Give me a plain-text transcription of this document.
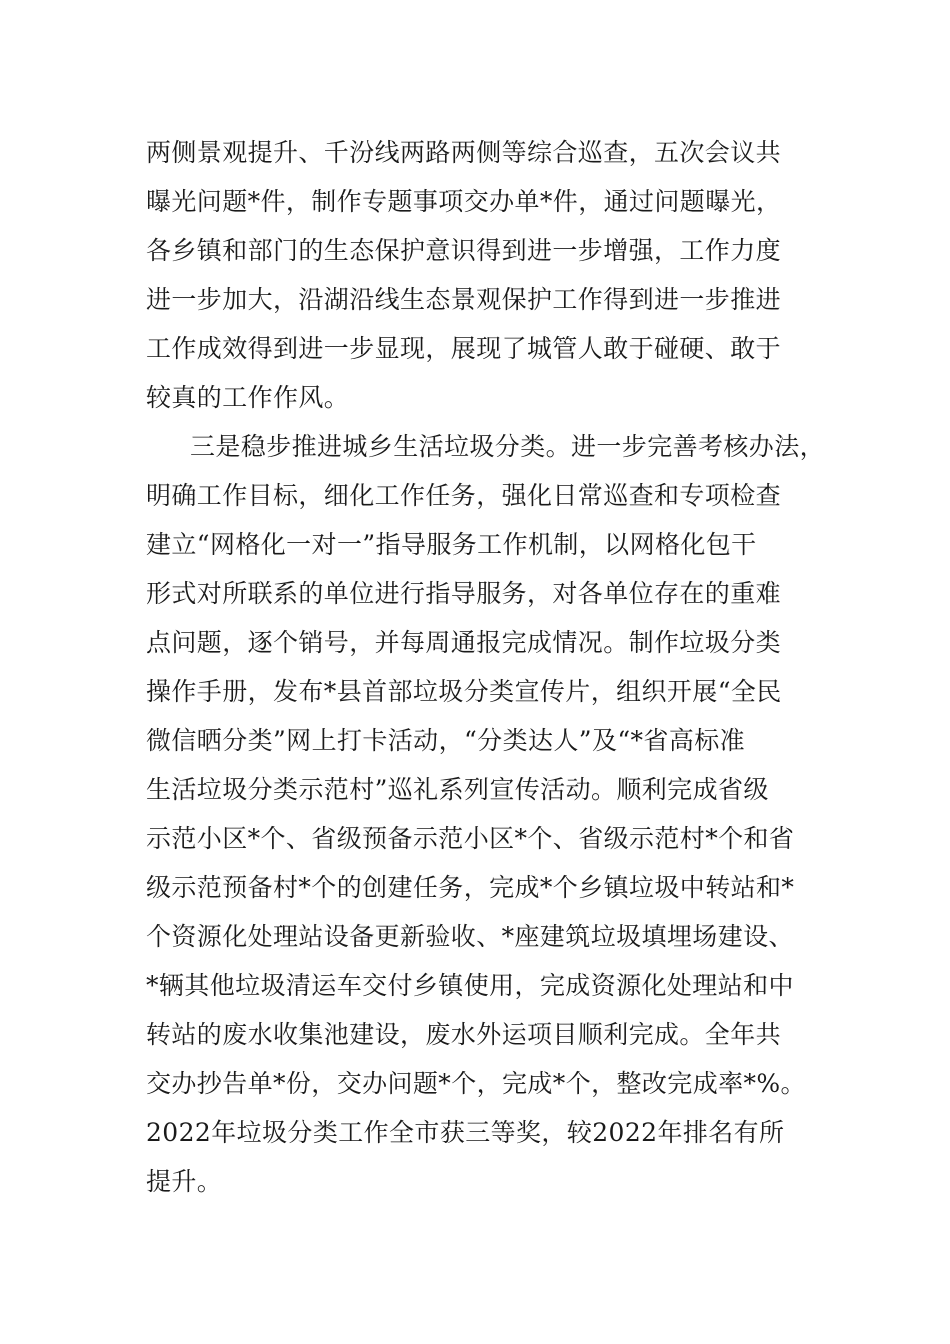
两侧景观提升、千汾线两路两侧等综合巡查，五次会议共
曝光问题*件，制作专题事项交办单*件，通过问题曝光，
各乡镇和部门的生态保护意识得到进一步增强，工作力度
进一步加大，沿湖沿线生态景观保护工作得到进一步推进
工作成效得到进一步显现，展现了城管人敢于碰硬、敢于
较真的工作作风。
三是稳步推进城乡生活垃圾分类。进一步完善考核办法，
明确工作目标，细化工作任务，强化日常巡查和专项检查
建立“网格化一对一”指导服务工作机制，以网格化包干
形式对所联系的单位进行指导服务，对各单位存在的重难
点问题，逐个销号，并每周通报完成情况。制作垃圾分类
操作手册，发布*县首部垃圾分类宣传片，组织开展“全民
微信晒分类”网上打卡活动，“分类达人”及“*省高标准
生活垃圾分类示范村”巡礼系列宣传活动。顺利完成省级
示范小区*个、省级预备示范小区*个、省级示范村*个和省
级示范预备村*个的创建任务，完成*个乡镇垃圾中转站和*
个资源化处理站设备更新验收、*座建筑垃圾填埋场建设、
*辆其他垃圾清运车交付乡镇使用，完成资源化处理站和中
转站的废水收集池建设，废水外运项目顺利完成。全年共
交办抄告单*份，交办问题*个，完成*个，整改完成率*%。
2022年垃圾分类工作全市获三等奖，较2022年排名有所
提升。
